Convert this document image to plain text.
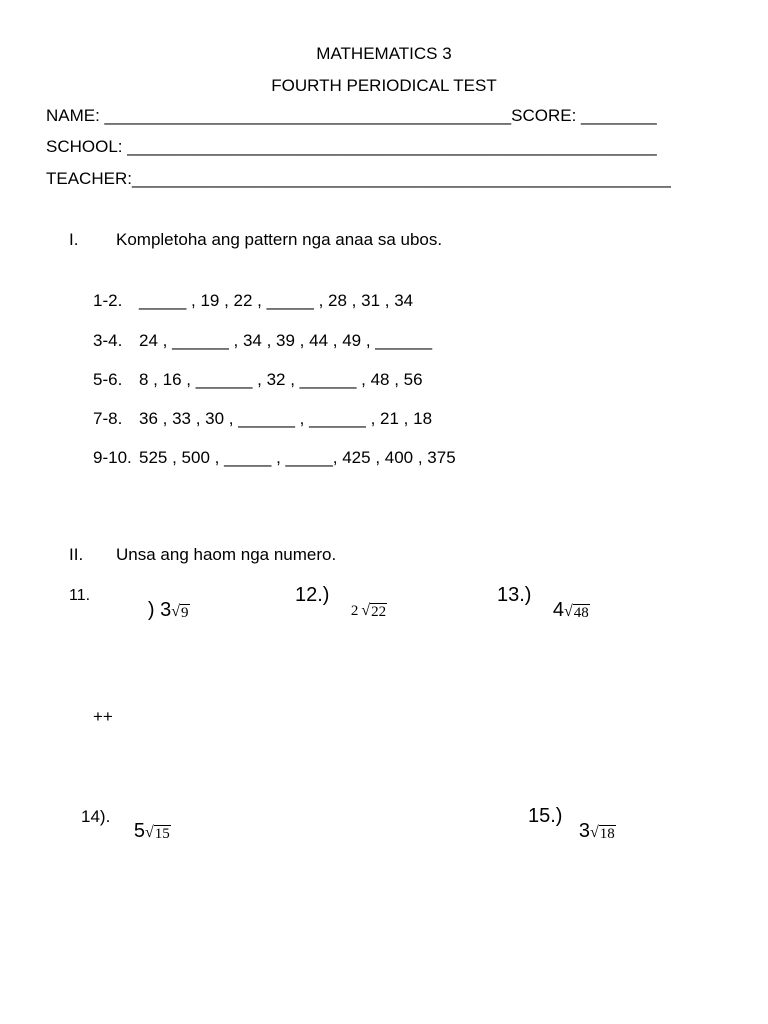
MATHEMATICS 3
FOURTH PERIODICAL TEST
NAME: ___________________________________________SCORE: ________
SCHOOL: ________________________________________________________
TEACHER:_________________________________________________________
I. Kompletoha ang pattern nga anaa sa ubos.
1-2. _____ , 19 , 22 , _____ , 28 , 31 , 34
3-4. 24 , ______ , 34 , 39 , 44 , 49 , ______
5-6. 8 , 16 , ______ , 32 , ______ , 48 , 56
7-8. 36 , 33 , 30 , ______ , ______ , 21 , 18
9-10. 525 , 500 , _____ , _____, 425 , 400 , 375
II. Unsa ang haom nga numero.
11.

) 3 √ 9

12.)

2 √ 22

13.)

4 √ 48

++
14).

5 √ 15

15.)

3 √ 18
